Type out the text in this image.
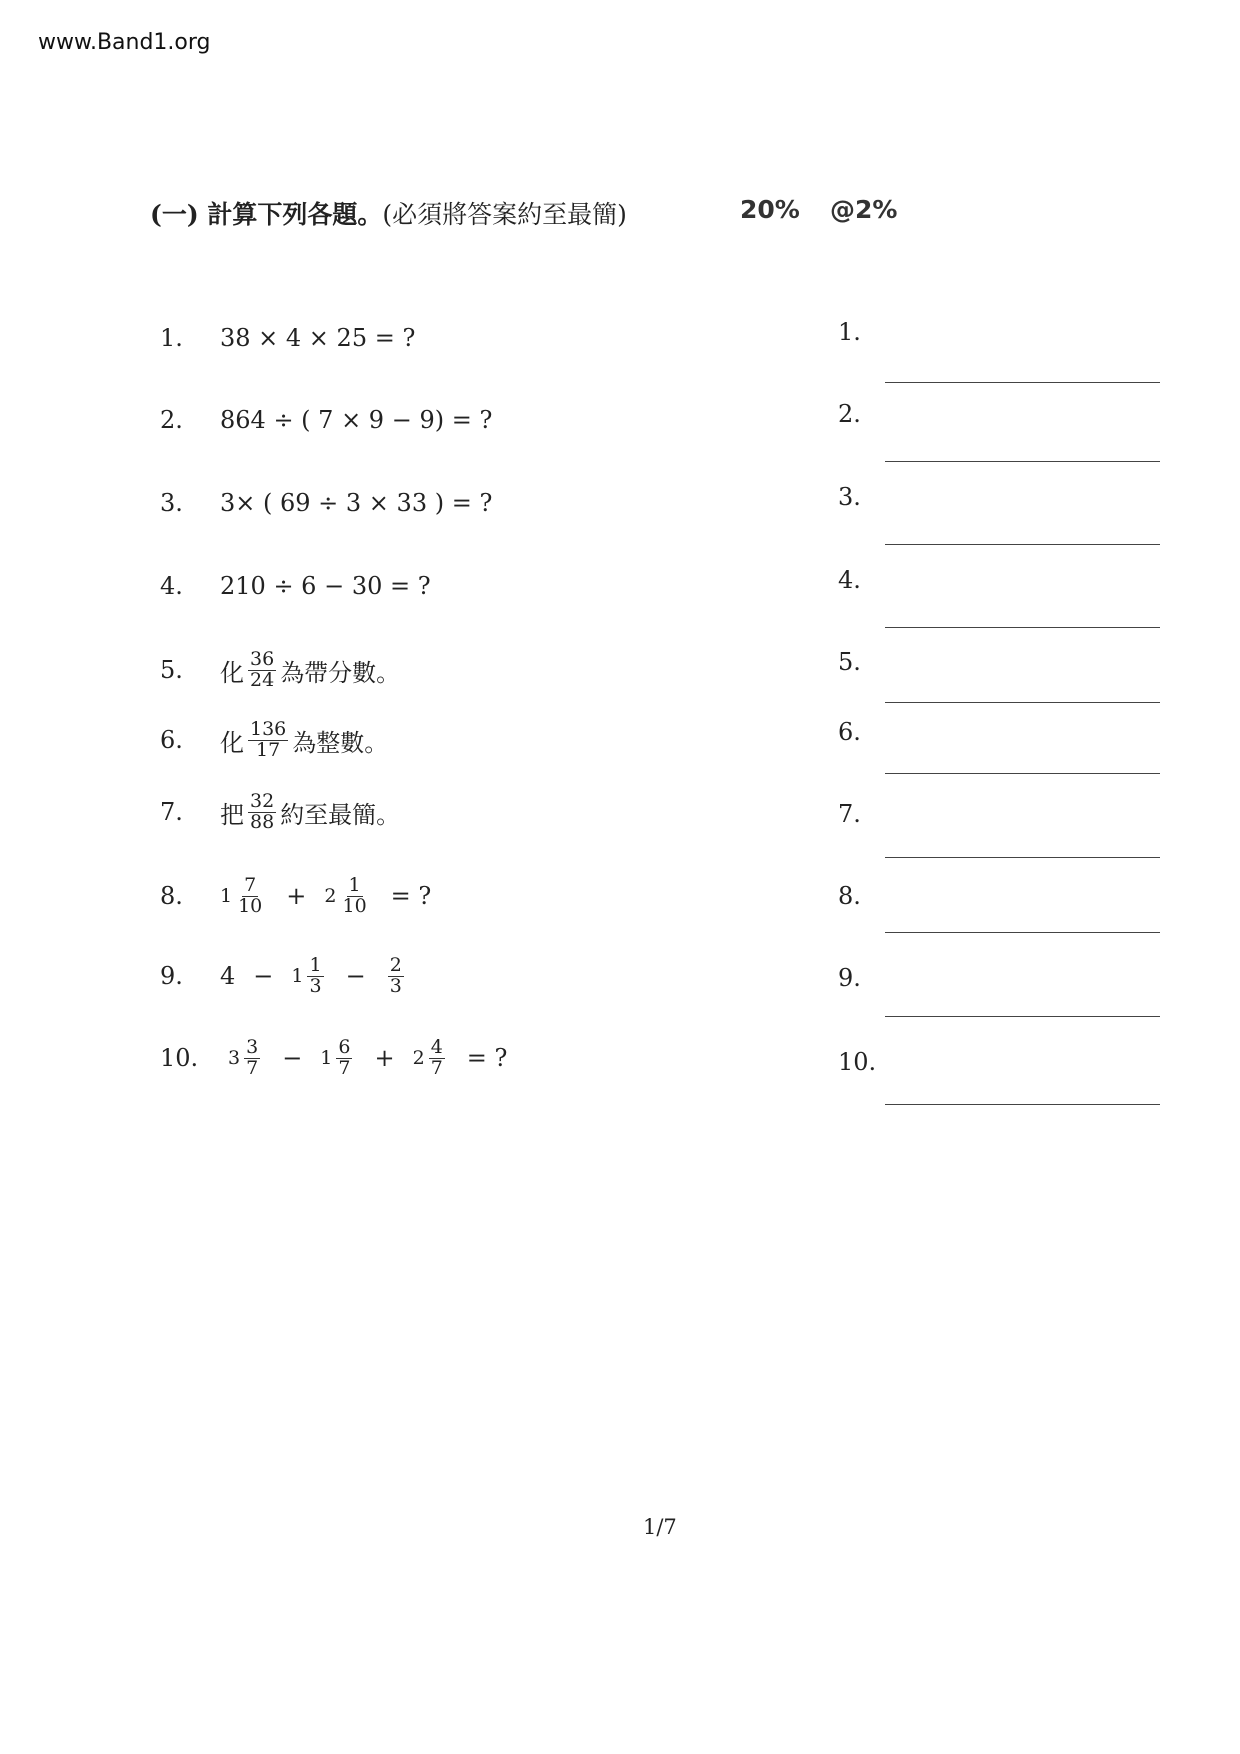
www.Band1.org
(一) 計算下列各題。(必須將答案約至最簡)	20% @2%
1.	38 × 4 × 25 = ?
2.	864 ÷ ( 7 × 9 − 9) = ?
3.	3× ( 69 ÷ 3 × 33 ) = ?
4.	210 ÷ 6 − 30 = ?
5.	化 $\frac{36}{24}$ 為帶分數。
6.	化 $\frac{136}{17}$ 為整數。
7.	把 $\frac{32}{88}$ 約至最簡。
8.	$1 \frac{7}{10} + 2 \frac{1}{10}$ = ?
9.	$4 - 1 \frac{1}{3} - \frac{2}{3}$
10.	$3 \frac{3}{7} - 1 \frac{6}{7} + 2 \frac{4}{7}$ = ?
1.
2.
3.
4.
5.
6.
7.
8.
9.
10.
1/7
